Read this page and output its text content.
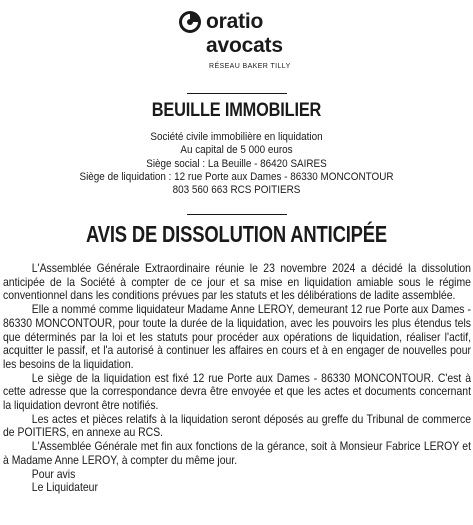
oratio
avocats
RÉSEAU BAKER TILLY
BEUILLE IMMOBILIER
Société civile immobilière en liquidation
Au capital de 5 000 euros
Siège social : La Beuille - 86420 SAIRES
Siège de liquidation : 12 rue Porte aux Dames - 86330 MONCONTOUR
803 560 663 RCS POITIERS
AVIS DE DISSOLUTION ANTICIPÉE

L'Assemblée Générale Extraordinaire réunie le 23 novembre 2024 a décidé la dissolution anticipée de la Société à compter de ce jour et sa mise en liquidation amiable sous le régime conventionnel dans les conditions prévues par les statuts et les délibérations de ladite assemblée.

Elle a nommé comme liquidateur Madame Anne LEROY, demeurant 12 rue Porte aux Dames - 86330 MONCONTOUR, pour toute la durée de la liquidation, avec les pouvoirs les plus étendus tels que déterminés par la loi et les statuts pour procéder aux opérations de liquidation, réaliser l'actif, acquitter le passif, et l'a autorisé à continuer les affaires en cours et à en engager de nouvelles pour les besoins de la liquidation.

Le siège de la liquidation est fixé 12 rue Porte aux Dames - 86330 MONCONTOUR. C'est à cette adresse que la correspondance devra être envoyée et que les actes et documents concernant la liquidation devront être notifiés.

Les actes et pièces relatifs à la liquidation seront déposés au greffe du Tribunal de commerce de POITIERS, en annexe au RCS.

L'Assemblée Générale met fin aux fonctions de la gérance, soit à Monsieur Fabrice LEROY et à Madame Anne LEROY, à compter du même jour.

Pour avis

Le Liquidateur
